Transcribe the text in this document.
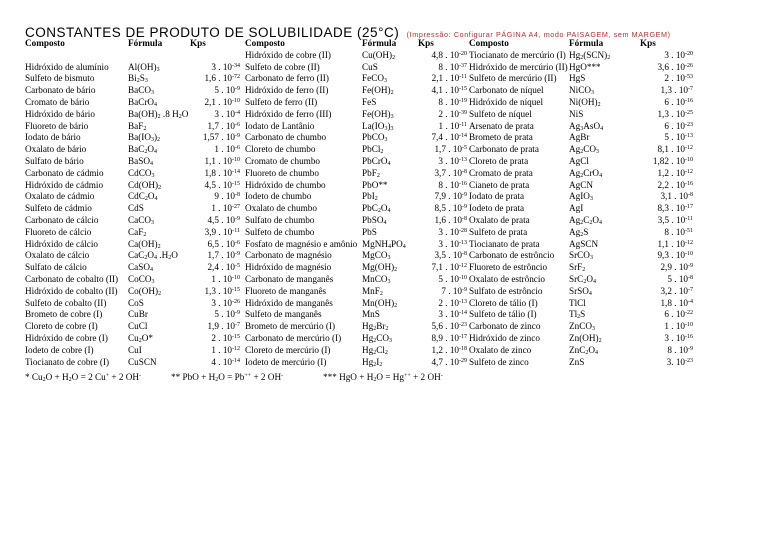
CONSTANTES DE PRODUTO DE SOLUBILIDADE (25°C) (Impressão: Configurar PÁGINA A4, modo PAISAGEM, sem MARGEM)
Composto	Fórmula	Kps

Hidróxido de alumínio	$Al(OH)_3$	3 . $10^{-34}$
Sulfeto de bismuto	$Bi_2S_3$	1,6 . $10^{-72}$
Carbonato de bário	BaCO$_3$	5 . $10^{-9}$
Cromato de bário	BaCrO$_4$	2,1 . $10^{-10}$
Hidróxido de bário	$Ba(OH)_2$ .8 $H_2O$	3 . $10^{-4}$
Fluoreto de bário	BaF$_2$	1,7 . $10^{-6}$
Iodato de bário	$Ba(IO_3)_2$	1,57 . $10^{-9}$
Oxalato de bário	$BaC_2O_4$	1 . $10^{-6}$
Sulfato de bário	BaSO$_4$	1,1 . $10^{-10}$
Carbonato de cádmio	CdCO$_3$	1,8 . $10^{-14}$
Hidróxido de cádmio	$Cd(OH)_2$	4,5 . $10^{-15}$
Oxalato de cádmio	$CdC_2O_4$	9 . $10^{-8}$
Sulfeto de cádmio	CdS	1 . $10^{-27}$
Carbonato de cálcio	CaCO$_3$	4,5 . $10^{-9}$
Fluoreto de cálcio	CaF$_2$	3,9 . $10^{-11}$
Hidróxido de cálcio	$Ca(OH)_2$	6,5 . $10^{-6}$
Oxalato de cálcio	$CaC_2O_4$ $.H_2O$	1,7 . $10^{-9}$
Sulfato de cálcio	CaSO$_4$	2,4 . $10^{-5}$
Carbonato de cobalto (II)	CoCO$_3$	1 . $10^{-10}$
Hidróxido de cobalto (II)	$Co(OH)_2$	1,3 . $10^{-15}$
Sulfeto de cobalto (II)	CoS	3 . $10^{-26}$
Brometo de cobre (I)	CuBr	5 . $10^{-9}$
Cloreto de cobre (I)	CuCl	1,9 . $10^{-7}$
Hidróxido de cobre (I)	$Cu_2O*$	2 . $10^{-15}$
Iodeto de cobre (I)	CuI	1 . $10^{-12}$
Tiocianato de cobre (I)	CuSCN	4 . $10^{-14}$
Composto	Fórmula	Kps
Hidróxido de cobre (II)	$Cu(OH)_2$	4,8 . $10^{-20}$
Sulfeto de cobre (II)	CuS	8 . $10^{-37}$
Carbonato de ferro (II)	FeCO$_3$	2,1 . $10^{-11}$
Hidróxido de ferro (II)	$Fe(OH)_2$	4,1 . $10^{-15}$
Sulfeto de ferro (II)	FeS	8 . $10^{-19}$
Hidróxido de ferro (III)	$Fe(OH)_3$	2 . $10^{-39}$
Iodato de Lantânio	$La(IO_3)_3$	1 . $10^{-11}$
Carbonato de chumbo	PbCO$_3$	7,4 . $10^{-14}$
Cloreto de chumbo	PbCl$_2$	1,7 . $10^{-5}$
Cromato de chumbo	PbCrO$_4$	3 . $10^{-13}$
Fluoreto de chumbo	PbF$_2$	3,7 . $10^{-8}$
Hidróxido de chumbo	PbO**	8 . $10^{-16}$
Iodeto de chumbo	PbI$_2$	7,9 . $10^{-9}$
Oxalato de chumbo	$PbC_2O_4$	8,5 . $10^{-9}$
Sulfato de chumbo	PbSO$_4$	1,6 . $10^{-8}$
Sulfeto de chumbo	PbS	3 . $10^{-28}$
Fosfato de magnésio e amônio	$MgNH_4PO_4$	3 . $10^{-13}$
Carbonato de magnésio	MgCO$_3$	3,5 . $10^{-8}$
Hidróxido de magnésio	$Mg(OH)_2$	7,1 . $10^{-12}$
Carbonato de manganês	MnCO$_3$	5 . $10^{-10}$
Fluoreto de manganês	MnF$_2$	7 . $10^{-9}$
Hidróxido de manganês	$Mn(OH)_2$	2 . $10^{-13}$
Sulfeto de manganês	MnS	3 . $10^{-14}$
Brometo de mercúrio (I)	$Hg_2Br_2$	5,6 . $10^{-23}$
Carbonato de mercúrio (I)	$Hg_2CO_3$	8,9 . $10^{-17}$
Cloreto de mercúrio (I)	$Hg_2Cl_2$	1,2 . $10^{-18}$
Iodeto de mercúrio (I)	$Hg_2I_2$	4,7 . $10^{-29}$
Composto	Fórmula	Kps
Tiocianato de mercúrio (I)	$Hg_2(SCN)_2$	3 . $10^{-20}$
Hidróxido de mercúrio (II)	HgO***	3,6 . $10^{-26}$
Sulfeto de mercúrio (II)	HgS	2 . $10^{-53}$
Carbonato de níquel	NiCO$_3$	1,3 . $10^{-7}$
Hidróxido de níquel	$Ni(OH)_2$	6 . $10^{-16}$
Sulfeto de níquel	NiS	1,3 . $10^{-25}$
Arsenato de prata	$Ag_3AsO_4$	6 . $10^{-23}$
Brometo de prata	AgBr	5 . $10^{-13}$
Carbonato de prata	$Ag_2CO_3$	8,1 . $10^{-12}$
Cloreto de prata	AgCl	1,82 . $10^{-10}$
Cromato de prata	$Ag_2CrO_4$	1,2 . $10^{-12}$
Cianeto de prata	AgCN	2,2 . $10^{-16}$
Iodato de prata	AgIO$_3$	3,1 . $10^{-8}$
Iodeto de prata	AgI	8,3 . $10^{-17}$
Oxalato de prata	$Ag_2C_2O_4$	3,5 . $10^{-11}$
Sulfeto de prata	$Ag_2S$	8 . $10^{-51}$
Tiocianato de prata	AgSCN	1,1 . $10^{-12}$
Carbonato de estrôncio	SrCO$_3$	9,3 . $10^{-10}$
Fluoreto de estrôncio	SrF$_2$	2,9 . $10^{-9}$
Oxalato de estrôncio	$SrC_2O_4$	5 . $10^{-8}$
Sulfato de estrôncio	SrSO$_4$	3,2 . $10^{-7}$
Cloreto de tálio (I)	TlCl	1,8 . $10^{-4}$
Sulfeto de tálio (I)	$Tl_2S$	6 . $10^{-22}$
Carbonato de zinco	ZnCO$_3$	1 . $10^{-10}$
Hidróxido de zinco	$Zn(OH)_2$	3 . $10^{-16}$
Oxalato de zinco	$ZnC_2O_4$	8 . $10^{-9}$
Sulfeto de zinco	ZnS	3. $10^{-23}$
* $Cu_2O + H_2O = 2$ Cu+ + 2 OH-	** PbO + $H_2O = Pb^{++} + 2$ OH-	*** HgO + $H_2O = Hg^{++} + 2$ OH-
